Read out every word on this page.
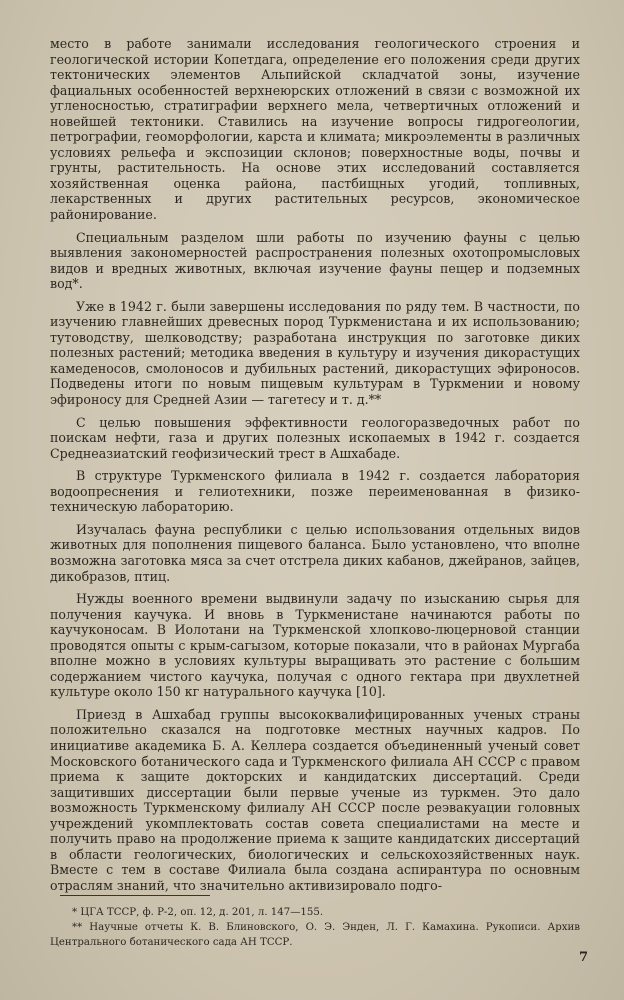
место в работе занимали исследования геологического строения и геологической истории Копетдага, определение его положения среди других тектонических элементов Альпийской складчатой зоны, изучение фациальных особенностей верхнеюрских отложений в связи с возможной их угленосностью, стратиграфии верхнего мела, четвертичных отложений и новейшей тектоники. Ставились на изучение вопросы гидрогеологии, петрографии, геоморфологии, карста и климата; микроэлементы в различных условиях рельефа и экспозиции склонов; поверхностные воды, почвы и грунты, растительность. На основе этих исследований составляется хозяйственная оценка района, пастбищных угодий, топливных, лекарственных и других растительных ресурсов, экономическое районирование.

Специальным разделом шли работы по изучению фауны с целью выявления закономерностей распространения полезных охотопромысловых видов и вредных животных, включая изучение фауны пещер и подземных вод*.

Уже в 1942 г. были завершены исследования по ряду тем. В частности, по изучению главнейших древесных пород Туркменистана и их использованию; тутоводству, шелководству; разработана инструкция по заготовке диких полезных растений; методика введения в культуру и изучения дикорастущих камеденосов, смолоносов и дубильных растений, дикорастущих эфироносов. Подведены итоги по новым пищевым культурам в Туркмении и новому эфироносу для Средней Азии — тагетесу и т. д.**

С целью повышения эффективности геологоразведочных работ по поискам нефти, газа и других полезных ископаемых в 1942 г. создается Среднеазиатский геофизический трест в Ашхабаде.

В структуре Туркменского филиала в 1942 г. создается лаборатория водоопреснения и гелиотехники, позже переименованная в физико-техническую лабораторию.

Изучалась фауна республики с целью использования отдельных видов животных для пополнения пищевого баланса. Было установлено, что вполне возможна заготовка мяса за счет отстрела диких кабанов, джейранов, зайцев, дикобразов, птиц.

Нужды военного времени выдвинули задачу по изысканию сырья для получения каучука. И вновь в Туркменистане начинаются работы по каучуконосам. В Иолотани на Туркменской хлопково-люцерновой станции проводятся опыты с крым-сагызом, которые показали, что в районах Мургаба вполне можно в условиях культуры выращивать это растение с большим содержанием чистого каучука, получая с одного гектара при двухлетней культуре около 150 кг натурального каучука [10].

Приезд в Ашхабад группы высококвалифицированных ученых страны положительно сказался на подготовке местных научных кадров. По инициативе академика Б. А. Келлера создается объединенный ученый совет Московского ботанического сада и Туркменского филиала АН СССР с правом приема к защите докторских и кандидатских диссертаций. Среди защитивших диссертации были первые ученые из туркмен. Это дало возможность Туркменскому филиалу АН СССР после реэвакуации головных учреждений укомплектовать состав совета специалистами на месте и получить право на продолжение приема к защите кандидатских диссертаций в области геологических, биологических и сельскохозяйственных наук. Вместе с тем в составе Филиала была создана аспирантура по основным отраслям знаний, что значительно активизировало подго-

* ЦГА ТССР, ф. Р-2, оп. 12, д. 201, л. 147—155.

** Научные отчеты К. В. Блиновского, О. Э. Энден, Л. Г. Камахина. Рукописи. Архив Центрального ботанического сада АН ТССР.

7
